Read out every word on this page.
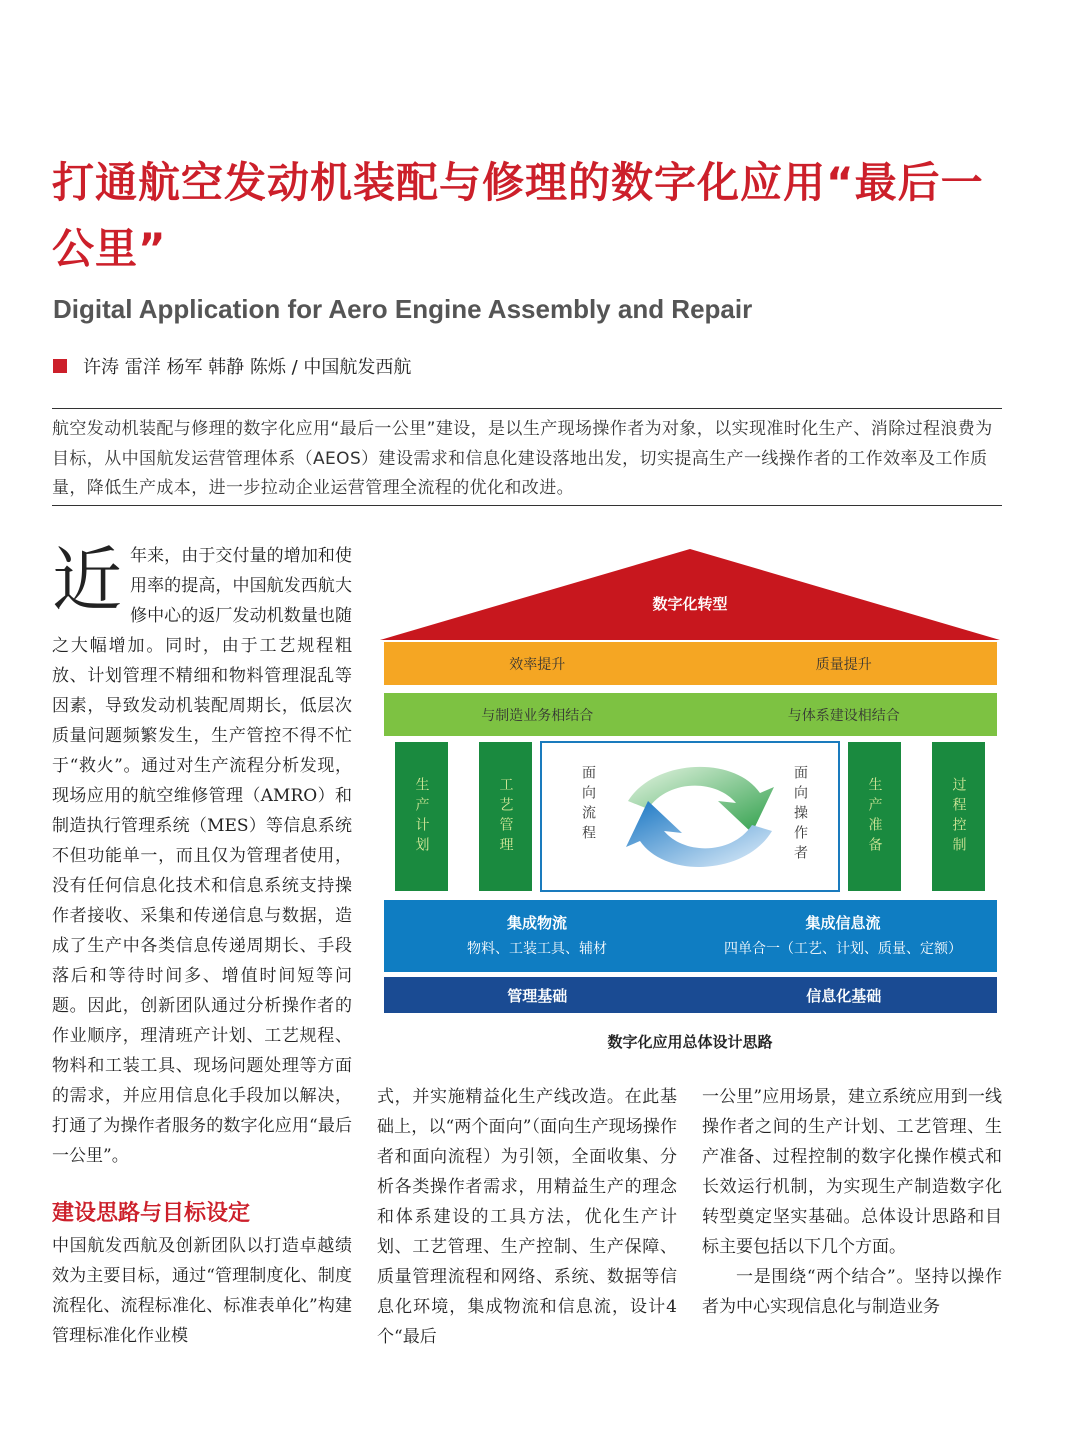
打通航空发动机装配与修理的数字化应用“最后一公里”
Digital Application for Aero Engine Assembly and Repair
许涛 雷洋 杨军 韩静 陈烁 / 中国航发西航

航空发动机装配与修理的数字化应用“最后一公里”建设，是以生产现场操作者为对象，以实现准时化生产、消除过程浪费为目标，从中国航发运营管理体系（AEOS）建设需求和信息化建设落地出发，切实提高生产一线操作者的工作效率及工作质量，降低生产成本，进一步拉动企业运营管理全流程的优化和改进。

近年来，由于交付量的增加和使用率的提高，中国航发西航大修中心的返厂发动机数量也随之大幅增加。同时，由于工艺规程粗放、计划管理不精细和物料管理混乱等因素，导致发动机装配周期长，低层次质量问题频繁发生，生产管控不得不忙于“救火”。通过对生产流程分析发现，现场应用的航空维修管理（AMRO）和制造执行管理系统（MES）等信息系统不但功能单一，而且仅为管理者使用，没有任何信息化技术和信息系统支持操作者接收、采集和传递信息与数据，造成了生产中各类信息传递周期长、手段落后和等待时间多、增值时间短等问题。因此，创新团队通过分析操作者的作业顺序，理清班产计划、工艺规程、物料和工装工具、现场问题处理等方面的需求，并应用信息化手段加以解决，打通了为操作者服务的数字化应用“最后一公里”。

建设思路与目标设定

中国航发西航及创新团队以打造卓越绩效为主要目标，通过“管理制度化、制度流程化、流程标准化、标准表单化”构建管理标准化作业模

式，并实施精益化生产线改造。在此基础上，以“两个面向”（面向生产现场操作者和面向流程）为引领，全面收集、分析各类操作者需求，用精益生产的理念和体系建设的工具方法，优化生产计划、工艺管理、生产控制、生产保障、质量管理流程和网络、系统、数据等信息化环境，集成物流和信息流，设计4个“最后

一公里”应用场景，建立系统应用到一线操作者之间的生产计划、工艺管理、生产准备、过程控制的数字化操作模式和长效运行机制，为实现生产制造数字化转型奠定坚实基础。总体设计思路和目标主要包括以下几个方面。

一是围绕“两个结合”。坚持以操作者为中心实现信息化与制造业务

数字化转型
效率提升	质量提升
与制造业务相结合	与体系建设相结合
生产计划	工艺管理	面向流程	面向操作者	生产准备	过程控制
集成物流
物料、工装工具、辅材
集成信息流
四单合一（工艺、计划、质量、定额）
管理基础	信息化基础
数字化应用总体设计思路
